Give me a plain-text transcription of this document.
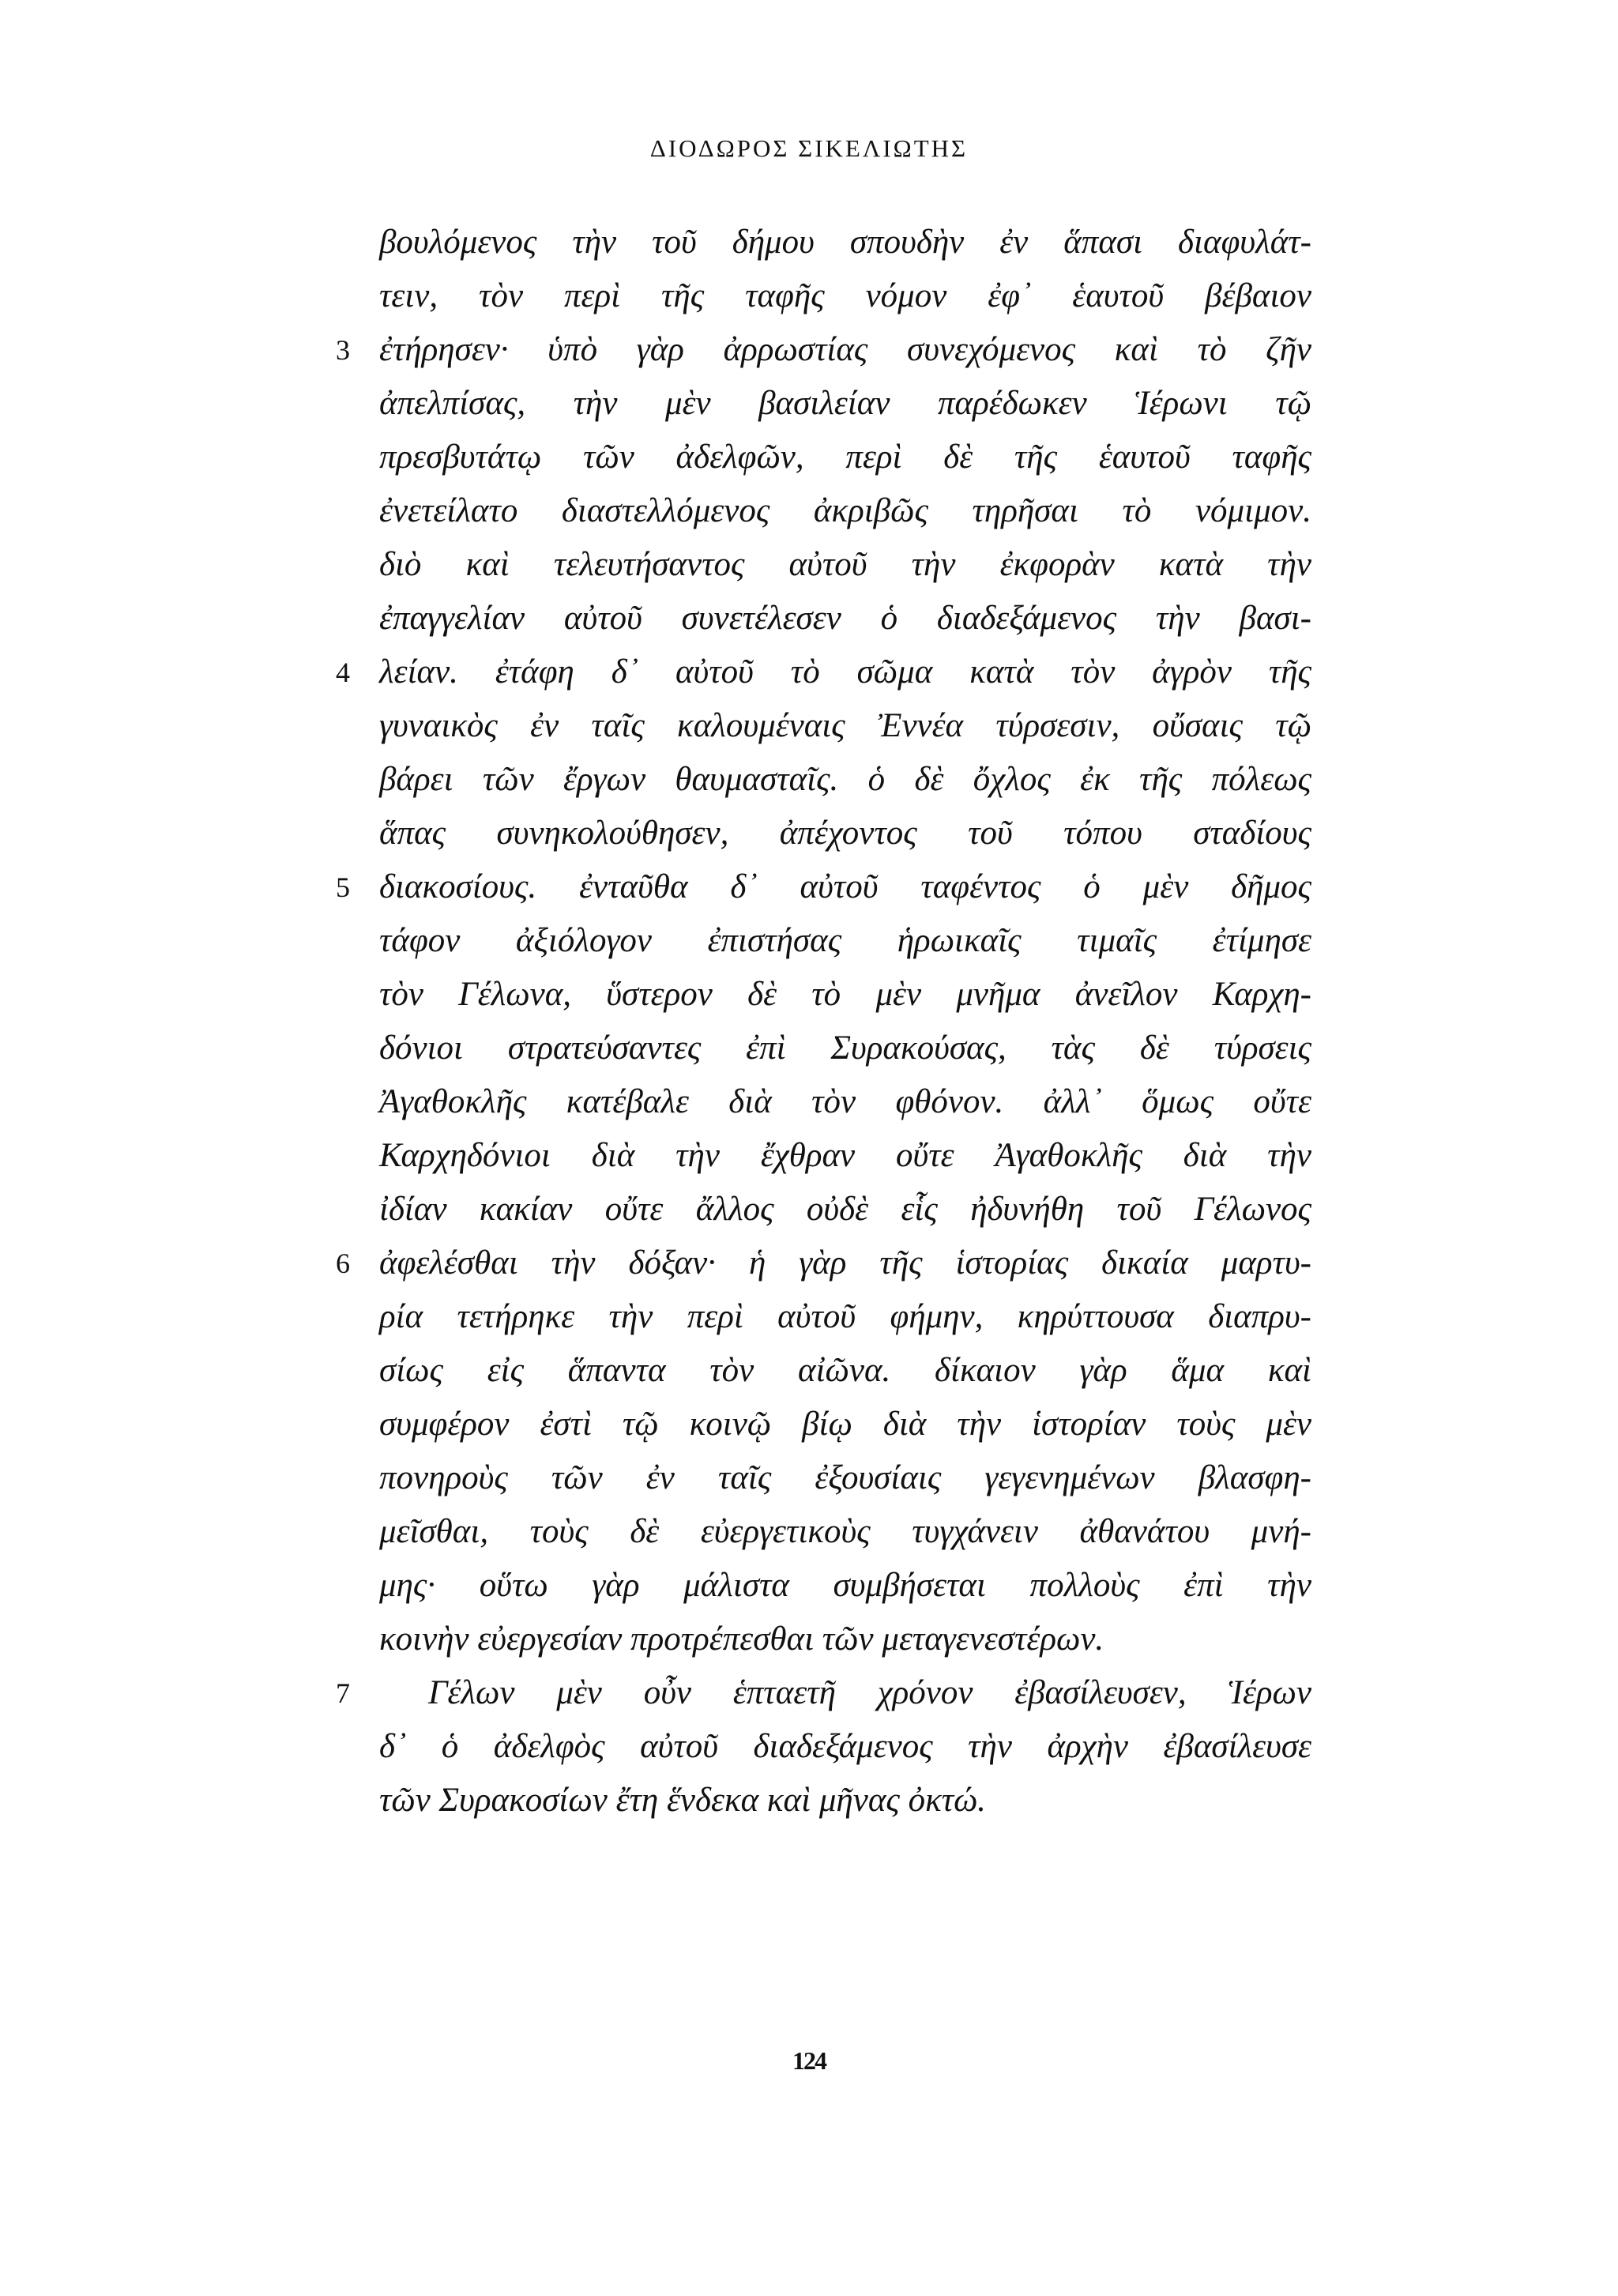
ΔΙΟΔΩΡΟΣ ΣΙΚΕΛΙΩΤΗΣ
βουλόμενος τὴν τοῦ δήμου σπουδὴν ἐν ἅπασι διαφυλάτ-
τειν, τὸν περὶ τῆς ταφῆς νόμον ἐφ᾽ ἑαυτοῦ βέβαιον
3 ἐτήρησεν· ὑπὸ γὰρ ἀρρωστίας συνεχόμενος καὶ τὸ ζῆν
ἀπελπίσας, τὴν μὲν βασιλείαν παρέδωκεν Ἱέρωνι τῷ
πρεσβυτάτῳ τῶν ἀδελφῶν, περὶ δὲ τῆς ἑαυτοῦ ταφῆς
ἐνετείλατο διαστελλόμενος ἀκριβῶς τηρῆσαι τὸ νόμιμον.
διὸ καὶ τελευτήσαντος αὐτοῦ τὴν ἐκφορὰν κατὰ τὴν
ἐπαγγελίαν αὐτοῦ συνετέλεσεν ὁ διαδεξάμενος τὴν βασι-
4 λείαν. ἐτάφη δ᾽ αὐτοῦ τὸ σῶμα κατὰ τὸν ἀγρὸν τῆς
γυναικὸς ἐν ταῖς καλουμέναις Ἐννέα τύρσεσιν, οὔσαις τῷ
βάρει τῶν ἔργων θαυμασταῖς. ὁ δὲ ὄχλος ἐκ τῆς πόλεως
ἅπας συνηκολούθησεν, ἀπέχοντος τοῦ τόπου σταδίους
5 διακοσίους. ἐνταῦθα δ᾽ αὐτοῦ ταφέντος ὁ μὲν δῆμος
τάφον ἀξιόλογον ἐπιστήσας ἡρωικαῖς τιμαῖς ἐτίμησε
τὸν Γέλωνα, ὕστερον δὲ τὸ μὲν μνῆμα ἀνεῖλον Καρχη-
δόνιοι στρατεύσαντες ἐπὶ Συρακούσας, τὰς δὲ τύρσεις
Ἀγαθοκλῆς κατέβαλε διὰ τὸν φθόνον. ἀλλ᾽ ὅμως οὔτε
Καρχηδόνιοι διὰ τὴν ἔχθραν οὔτε Ἀγαθοκλῆς διὰ τὴν
ἰδίαν κακίαν οὔτε ἄλλος οὐδὲ εἷς ἠδυνήθη τοῦ Γέλωνος
6 ἀφελέσθαι τὴν δόξαν· ἡ γὰρ τῆς ἱστορίας δικαία μαρτυ-
ρία τετήρηκε τὴν περὶ αὐτοῦ φήμην, κηρύττουσα διαπρυ-
σίως εἰς ἅπαντα τὸν αἰῶνα. δίκαιον γὰρ ἅμα καὶ
συμφέρον ἐστὶ τῷ κοινῷ βίῳ διὰ τὴν ἱστορίαν τοὺς μὲν
πονηροὺς τῶν ἐν ταῖς ἐξουσίαις γεγενημένων βλασφη-
μεῖσθαι, τοὺς δὲ εὐεργετικοὺς τυγχάνειν ἀθανάτου μνή-
μης· οὕτω γὰρ μάλιστα συμβήσεται πολλοὺς ἐπὶ τὴν
κοινὴν εὐεργεσίαν προτρέπεσθαι τῶν μεταγενεστέρων.
7	Γέλων μὲν οὖν ἑπταετῆ χρόνον ἐβασίλευσεν, Ἱέρων
δ᾽ ὁ ἀδελφὸς αὐτοῦ διαδεξάμενος τὴν ἀρχὴν ἐβασίλευσε
τῶν Συρακοσίων ἔτη ἕνδεκα καὶ μῆνας ὀκτώ.
124
